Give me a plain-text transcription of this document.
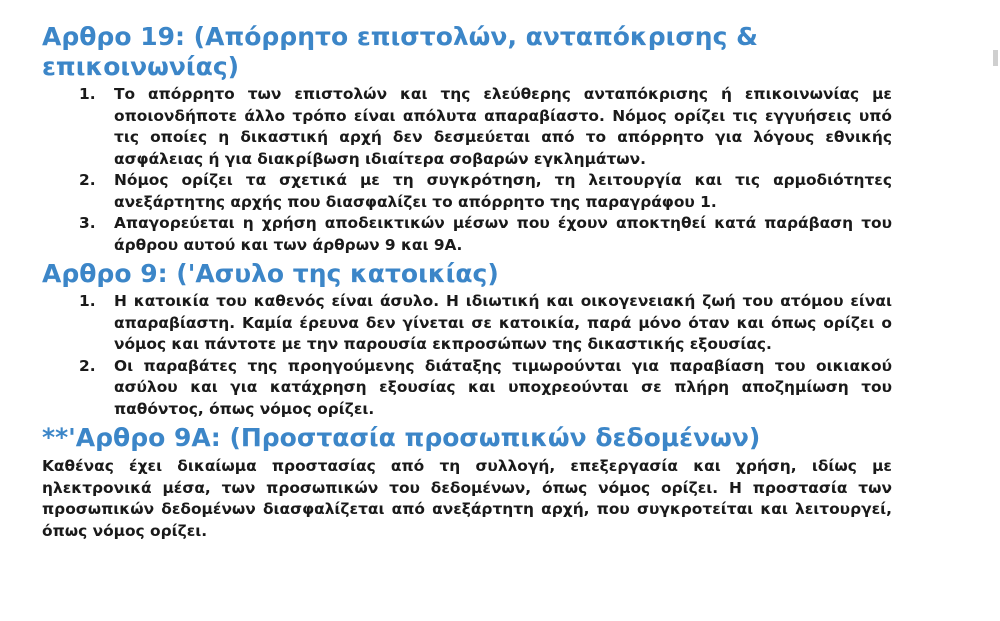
Αρθρο 19: (Απόρρητο επιστολών, ανταπόκρισης & επικοινωνίας)
1.	Το απόρρητο των επιστολών και της ελεύθερης ανταπόκρισης ή επικοινωνίας με οποιονδήποτε άλλο τρόπο είναι απόλυτα απαραβίαστο. Νόμος ορίζει τις εγγυήσεις υπό τις οποίες η δικαστική αρχή δεν δεσμεύεται από το απόρρητο για λόγους εθνικής ασφάλειας ή για διακρίβωση ιδιαίτερα σοβαρών εγκλημάτων.
2.	Νόμος ορίζει τα σχετικά με τη συγκρότηση, τη λειτουργία και τις αρμοδιότητες ανεξάρτητης αρχής που διασφαλίζει το απόρρητο της παραγράφου 1.
3.	Απαγορεύεται η χρήση αποδεικτικών μέσων που έχουν αποκτηθεί κατά παράβαση του άρθρου αυτού και των άρθρων 9 και 9Α.
Αρθρο 9: ('Ασυλο της κατοικίας)
1.	Η κατοικία του καθενός είναι άσυλο. Η ιδιωτική και οικογενειακή ζωή του ατόμου είναι απαραβίαστη. Καμία έρευνα δεν γίνεται σε κατοικία, παρά μόνο όταν και όπως ορίζει ο νόμος και πάντοτε με την παρουσία εκπροσώπων της δικαστικής εξουσίας.
2.	Οι παραβάτες της προηγούμενης διάταξης τιμωρούνται για παραβίαση του οικιακού ασύλου και για κατάχρηση εξουσίας και υποχρεούνται σε πλήρη αποζημίωση του παθόντος, όπως νόμος ορίζει.
**'Αρθρο 9Α: (Προστασία προσωπικών δεδομένων)

Καθένας έχει δικαίωμα προστασίας από τη συλλογή, επεξεργασία και χρήση, ιδίως με ηλεκτρονικά μέσα, των προσωπικών του δεδομένων, όπως νόμος ορίζει. Η προστασία των προσωπικών δεδομένων διασφαλίζεται από ανεξάρτητη αρχή, που συγκροτείται και λειτουργεί, όπως νόμος ορίζει.
